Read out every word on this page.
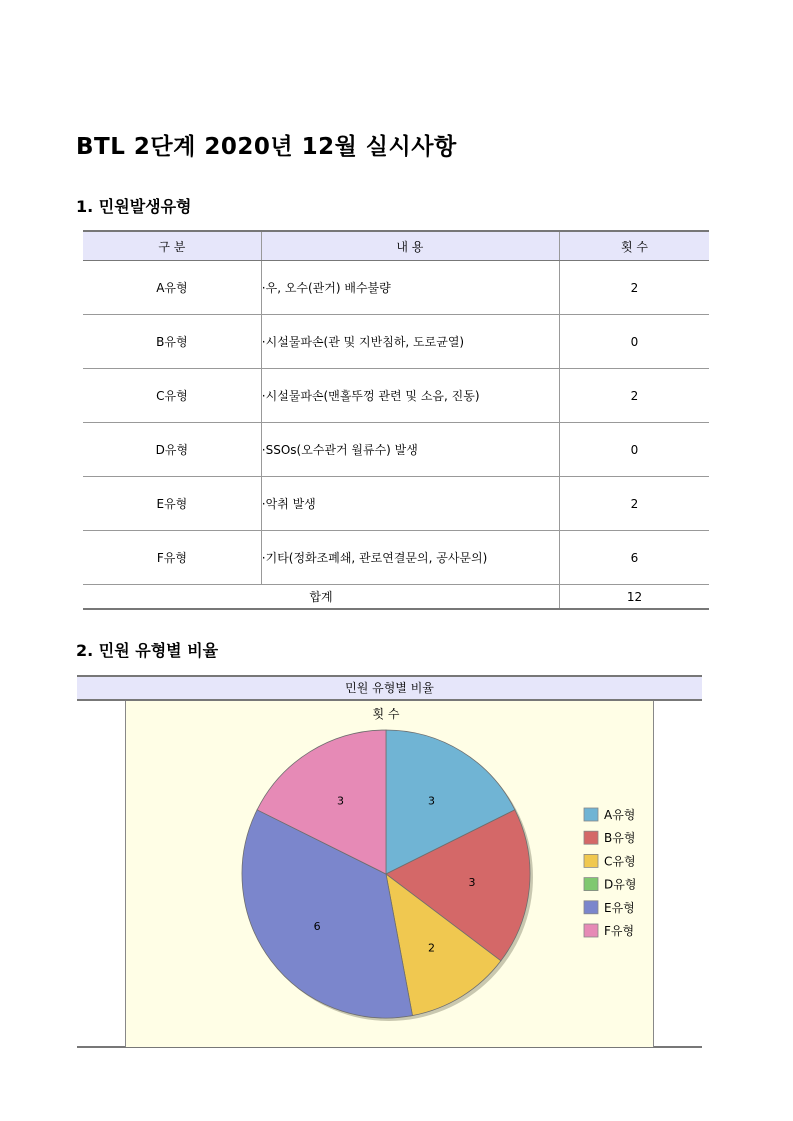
BTL 2단계 2020년 12월 실시사항
1. 민원발생유형
구 분	내 용	횟 수
A유형	·우, 오수(관거) 배수불량	2
B유형	·시설물파손(관 및 지반침하, 도로균열)	0
C유형	·시설물파손(맨홀뚜껑 관련 및 소음, 진동)	2
D유형	·SSOs(오수관거 월류수) 발생	0
E유형	·악취 발생	2
F유형	·기타(정화조폐쇄, 관로연결문의, 공사문의)	6
합계		12
2. 민원 유형별 비율
민원 유형별 비율
횟 수
3
3
2
6
3
A유형
B유형
C유형
D유형
E유형
F유형
